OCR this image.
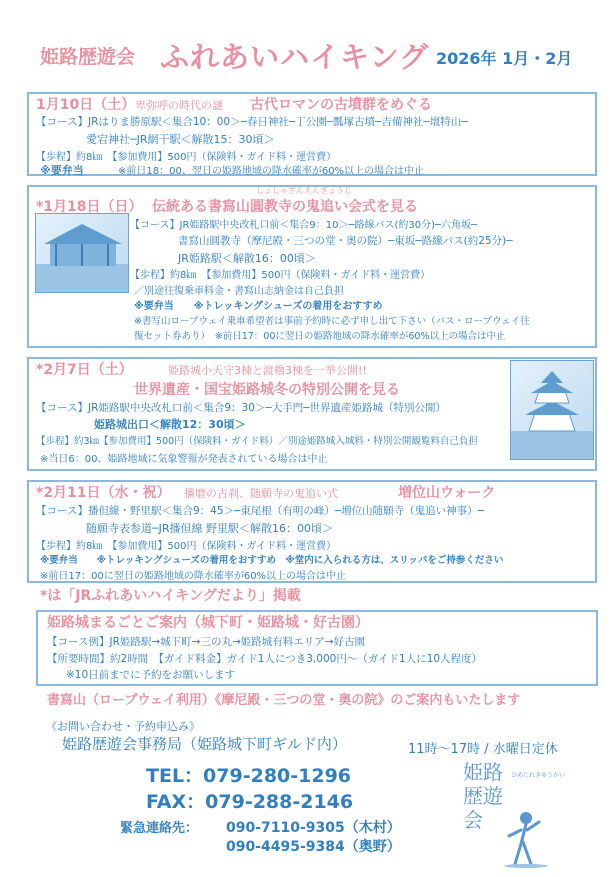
姫路歴遊会 ふれあいハイキング 2026年 1月・2月
1月10日（土） 卑弥呼の時代の謎 古代ロマンの古墳群をめぐる
【コース】JRはりま勝原駅＜集合10：00＞─春日神社─丁公園─瓢塚古墳─吉備神社─壇特山─
愛宕神社─JR網干駅＜解散15：30頃＞
【歩程】約8㎞　【参加費用】500円（保険料・ガイド料・運営費）
※要弁当	※前日18：00、翌日の姫路地域の降水確率が60%以上の場合は中止
しょしゃざんえんぎょうじ
*1月18日（日） 伝統ある書寫山圓教寺の鬼追い会式を見る
【コース】JR姫路駅中央改札口前＜集合9：10＞─路線バス(約30分)─六角坂─
書寫山圓教寺（摩尼殿・三つの堂・奥の院）─東坂─路線バス(約25分)─
JR姫路駅＜解散16：00頃＞
【歩程】約8㎞　【参加費用】500円（保険料・ガイド料・運営費）
／別途往復乗車料金・書寫山志納金は自己負担
※要弁当　　※トレッキングシューズの着用をおすすめ
※書写山ロープウェイ乗車希望者は事前予約時に必ず申し出て下さい（バス・ロープウェイ往
復セット券あり）　※前日17：00に翌日の姫路地域の降水確率が60%以上の場合は中止
*2月7日（土）	姫路城小天守3棟と渡櫓3棟を一挙公開!!
世界遺産・国宝姫路城冬の特別公開を見る
【コース】JR姫路駅中央改札口前＜集合9：30＞─大手門─世界遺産姫路城（特別公開）
姫路城出口＜解散12：30頃＞
【歩程】約3㎞【参加費用】500円（保険料・ガイド料）／別途姫路城入城料・特別公開観覧料自己負担
※当日6：00、姫路地域に気象警報が発表されている場合は中止
*2月11日（水・祝） 播磨の古刹、随願寺の鬼追い式	増位山ウォーク
【コース】播但線・野里駅＜集合9：45＞─東尾根（有明の峰）─増位山随願寺（鬼追い神事）─
随願寺表参道─JR播但線 野里駅＜解散16：00頃＞
【歩程】約8㎞　【参加費用】500円（保険料・ガイド料・運営費）
※要弁当　　※トレッキングシューズの着用をおすすめ　※堂内に入られる方は、スリッパをご持参ください
※前日17：00に翌日の姫路地域の降水確率が60%以上の場合は中止
*は「JRふれあいハイキングだより」掲載
姫路城まるごとご案内（城下町・姫路城・好古園）
【コース例】JR姫路駅→城下町→三の丸→姫路城有料エリア→好古園
【所要時間】約2時間　【ガイド料金】ガイド1人につき3,000円～（ガイド1人に10人程度）
※10日前までに予約をお願いします
書寫山（ロープウェイ利用）《摩尼殿・三つの堂・奥の院》のご案内もいたします
《お問い合わせ・予約申込み》
姫路歴遊会事務局（姫路城下町ギルド内）	11時～17時 / 水曜日定休
TEL：079-280-1296
FAX：079-288-2146
緊急連絡先： 090-7110-9305（木村）
090-4495-9384（奥野）
姫路歴遊会
ひめじれきゆうかい
